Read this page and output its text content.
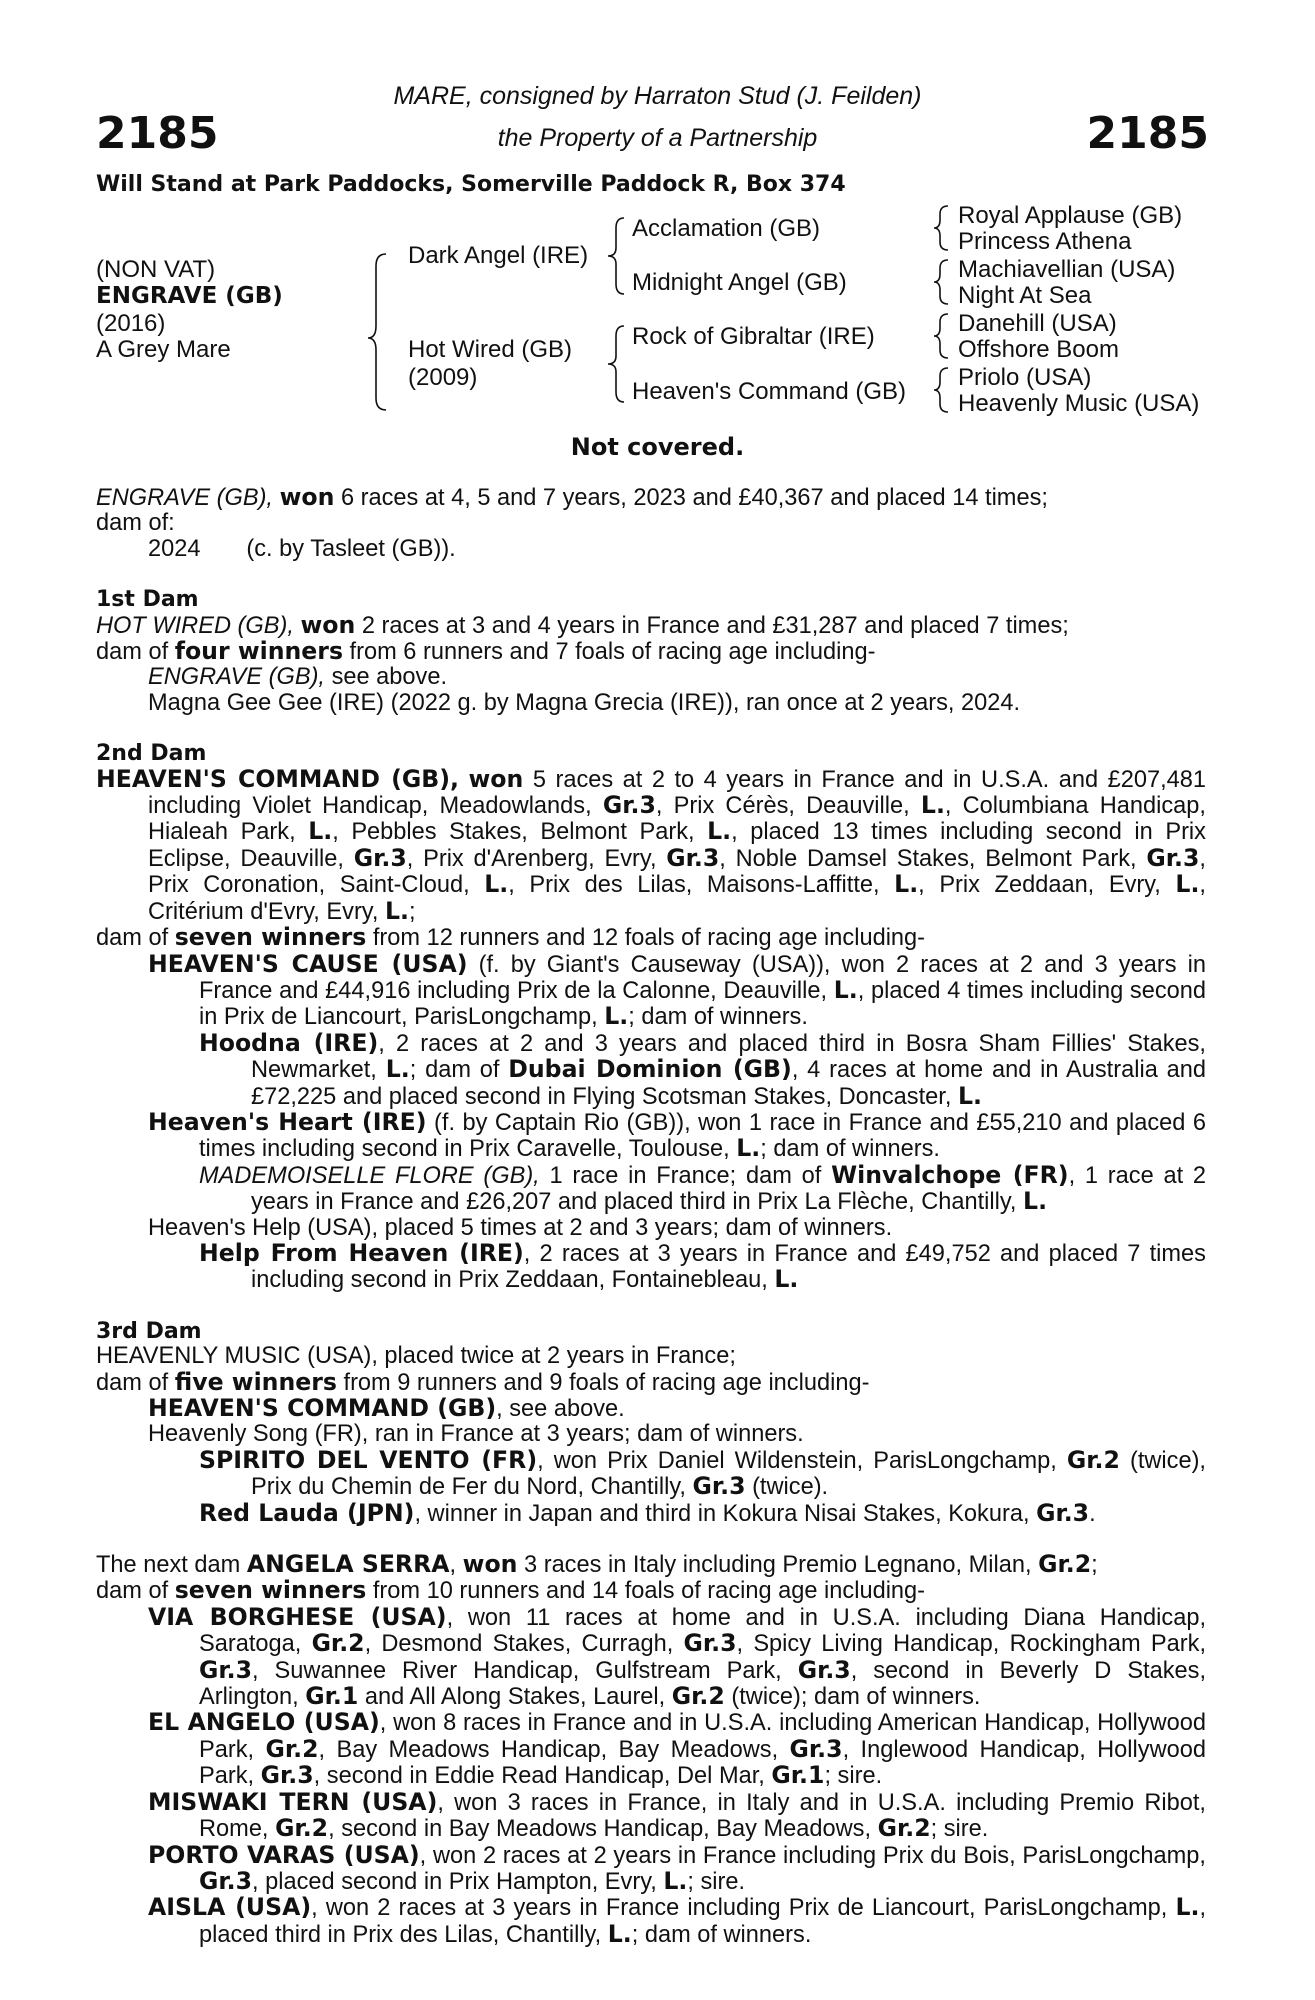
2185	2185
MARE, consigned by Harraton Stud (J. Feilden)
the Property of a Partnership
Will Stand at Park Paddocks, Somerville Paddock R, Box 374
(NON VAT)
ENGRAVE (GB)
(2016)
A Grey Mare
Dark Angel (IRE)
Hot Wired (GB)
(2009)
Acclamation (GB)
Midnight Angel (GB)
Rock of Gibraltar (IRE)
Heaven's Command (GB)
Royal Applause (GB)
Princess Athena
Machiavellian (USA)
Night At Sea
Danehill (USA)
Offshore Boom
Priolo (USA)
Heavenly Music (USA)
Not covered.

ENGRAVE (GB), won 6 races at 4, 5 and 7 years, 2023 and £40,367 and placed 14 times;

dam of:

2024 (c. by Tasleet (GB)).

1st Dam

HOT WIRED (GB), won 2 races at 3 and 4 years in France and £31,287 and placed 7 times;

dam of four winners from 6 runners and 7 foals of racing age including-

ENGRAVE (GB), see above.

Magna Gee Gee (IRE) (2022 g. by Magna Grecia (IRE)), ran once at 2 years, 2024.

2nd Dam

HEAVEN'S COMMAND (GB), won 5 races at 2 to 4 years in France and in U.S.A. and £207,481 including Violet Handicap, Meadowlands, Gr.3, Prix Cérès, Deauville, L., Columbiana Handicap, Hialeah Park, L., Pebbles Stakes, Belmont Park, L., placed 13 times including second in Prix Eclipse, Deauville, Gr.3, Prix d'Arenberg, Evry, Gr.3, Noble Damsel Stakes, Belmont Park, Gr.3, Prix Coronation, Saint-Cloud, L., Prix des Lilas, Maisons-Laffitte, L., Prix Zeddaan, Evry, L., Critérium d'Evry, Evry, L.;

dam of seven winners from 12 runners and 12 foals of racing age including-

HEAVEN'S CAUSE (USA) (f. by Giant's Causeway (USA)), won 2 races at 2 and 3 years in France and £44,916 including Prix de la Calonne, Deauville, L., placed 4 times including second in Prix de Liancourt, ParisLongchamp, L.; dam of winners.

Hoodna (IRE), 2 races at 2 and 3 years and placed third in Bosra Sham Fillies' Stakes, Newmarket, L.; dam of Dubai Dominion (GB), 4 races at home and in Australia and £72,225 and placed second in Flying Scotsman Stakes, Doncaster, L.

Heaven's Heart (IRE) (f. by Captain Rio (GB)), won 1 race in France and £55,210 and placed 6 times including second in Prix Caravelle, Toulouse, L.; dam of winners.

MADEMOISELLE FLORE (GB), 1 race in France; dam of Winvalchope (FR), 1 race at 2 years in France and £26,207 and placed third in Prix La Flèche, Chantilly, L.

Heaven's Help (USA), placed 5 times at 2 and 3 years; dam of winners.

Help From Heaven (IRE), 2 races at 3 years in France and £49,752 and placed 7 times including second in Prix Zeddaan, Fontainebleau, L.

3rd Dam

HEAVENLY MUSIC (USA), placed twice at 2 years in France;

dam of five winners from 9 runners and 9 foals of racing age including-

HEAVEN'S COMMAND (GB), see above.

Heavenly Song (FR), ran in France at 3 years; dam of winners.

SPIRITO DEL VENTO (FR), won Prix Daniel Wildenstein, ParisLongchamp, Gr.2 (twice), Prix du Chemin de Fer du Nord, Chantilly, Gr.3 (twice).

Red Lauda (JPN), winner in Japan and third in Kokura Nisai Stakes, Kokura, Gr.3.

The next dam ANGELA SERRA, won 3 races in Italy including Premio Legnano, Milan, Gr.2;

dam of seven winners from 10 runners and 14 foals of racing age including-

VIA BORGHESE (USA), won 11 races at home and in U.S.A. including Diana Handicap, Saratoga, Gr.2, Desmond Stakes, Curragh, Gr.3, Spicy Living Handicap, Rockingham Park, Gr.3, Suwannee River Handicap, Gulfstream Park, Gr.3, second in Beverly D Stakes, Arlington, Gr.1 and All Along Stakes, Laurel, Gr.2 (twice); dam of winners.

EL ANGELO (USA), won 8 races in France and in U.S.A. including American Handicap, Hollywood Park, Gr.2, Bay Meadows Handicap, Bay Meadows, Gr.3, Inglewood Handicap, Hollywood Park, Gr.3, second in Eddie Read Handicap, Del Mar, Gr.1; sire.

MISWAKI TERN (USA), won 3 races in France, in Italy and in U.S.A. including Premio Ribot, Rome, Gr.2, second in Bay Meadows Handicap, Bay Meadows, Gr.2; sire.

PORTO VARAS (USA), won 2 races at 2 years in France including Prix du Bois, ParisLongchamp, Gr.3, placed second in Prix Hampton, Evry, L.; sire.

AISLA (USA), won 2 races at 3 years in France including Prix de Liancourt, ParisLongchamp, L., placed third in Prix des Lilas, Chantilly, L.; dam of winners.
